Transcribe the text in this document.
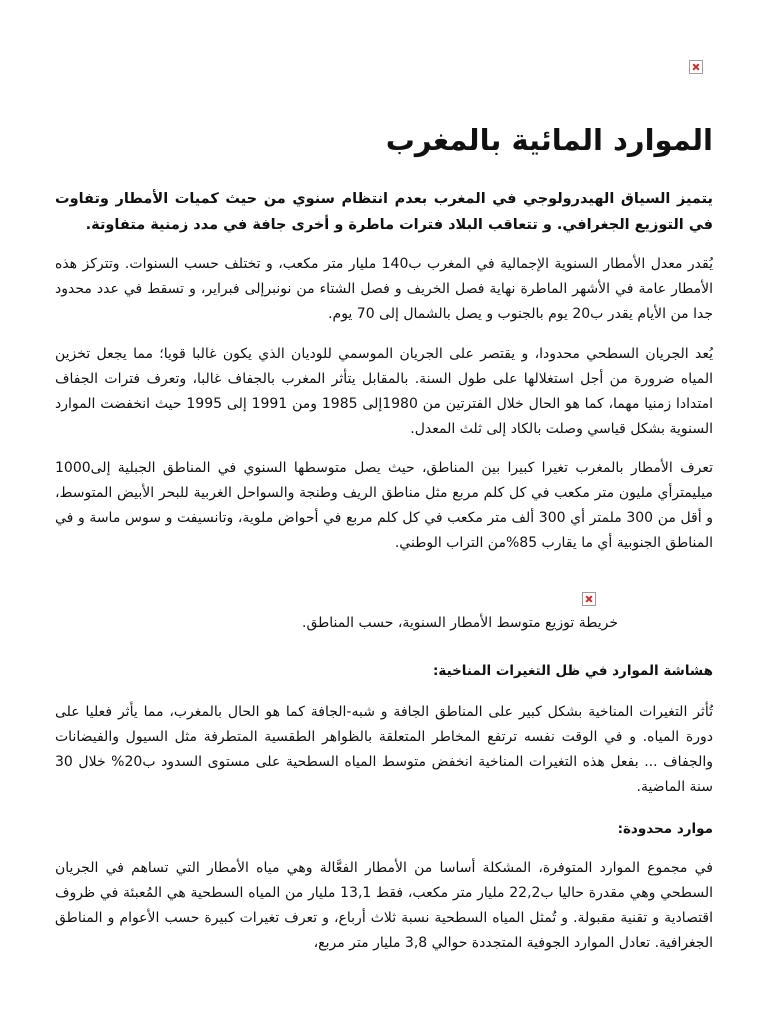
الموارد المائية بالمغرب

يتميز السياق الهيدرولوجي في المغرب بعدم انتظام سنوي من حيث كميات الأمطار وتفاوت في التوزيع الجغرافي. و تتعاقب البلاد فترات ماطرة و أخرى جافة في مدد زمنية متفاوتة.

يُقدر معدل الأمطار السنوية الإجمالية في المغرب ب140 مليار متر مكعب، و تختلف حسب السنوات. وتتركز هذه الأمطار عامة في الأشهر الماطرة نهاية فصل الخريف و فصل الشتاء من نونبرإلى فبراير، و تسقط في عدد محدود جدا من الأيام يقدر ب20 يوم بالجنوب و يصل بالشمال إلى 70 يوم.

يُعد الجريان السطحي محدودا، و يقتصر على الجريان الموسمي للوديان الذي يكون غالبا قويا؛ مما يجعل تخزين المياه ضرورة من أجل استغلالها على طول السنة. بالمقابل يتأثر المغرب بالجفاف غالبا، وتعرف فترات الجفاف امتدادا زمنيا مهما، كما هو الحال خلال الفترتين من 1980إلى 1985 ومن 1991 إلى 1995 حيث انخفضت الموارد السنوية بشكل قياسي وصلت بالكاد إلى ثلث المعدل.

تعرف الأمطار بالمغرب تغيرا كبيرا بين المناطق، حيث يصل متوسطها السنوي في المناطق الجبلية إلى1000 ميليمترأي مليون متر مكعب في كل كلم مربع مثل مناطق الريف وطنجة والسواحل الغربية للبحر الأبيض المتوسط، و أقل من 300 ملمتر أي 300 ألف متر مكعب في كل كلم مربع في أحواض ملوية، وتانسيفت و سوس ماسة و في المناطق الجنوبية أي ما يقارب 85%من التراب الوطني.

خريطة توزيع متوسط الأمطار السنوية، حسب المناطق.

هشاشة الموارد في ظل التغيرات المناخية:

تُأثر التغيرات المناخية بشكل كبير على المناطق الجافة و شبه-الجافة كما هو الحال بالمغرب، مما يأثر فعليا على دورة المياه. و في الوقت نفسه ترتفع المخاطر المتعلقة بالظواهر الطقسية المتطرفة مثل السيول والفيضانات والجفاف ... بفعل هذه التغيرات المناخية انخفض متوسط المياه السطحية على مستوى السدود ب20% خلال 30 سنة الماضية.

موارد محدودة:

في مجموع الموارد المتوفرة، المشكلة أساسا من الأمطار الفعَّالة وهي مياه الأمطار التي تساهم في الجريان السطحي وهي مقدرة حاليا ب22,2 مليار متر مكعب، فقط 13,1 مليار من المياه السطحية هي المُعبئة في ظروف اقتصادية و تقنية مقبولة. و تُمثل المياه السطحية نسبة ثلاث أرباع، و تعرف تغيرات كبيرة حسب الأعوام و المناطق الجغرافية. تعادل الموارد الجوفية المتجددة حوالي 3,8 مليار متر مربع،
